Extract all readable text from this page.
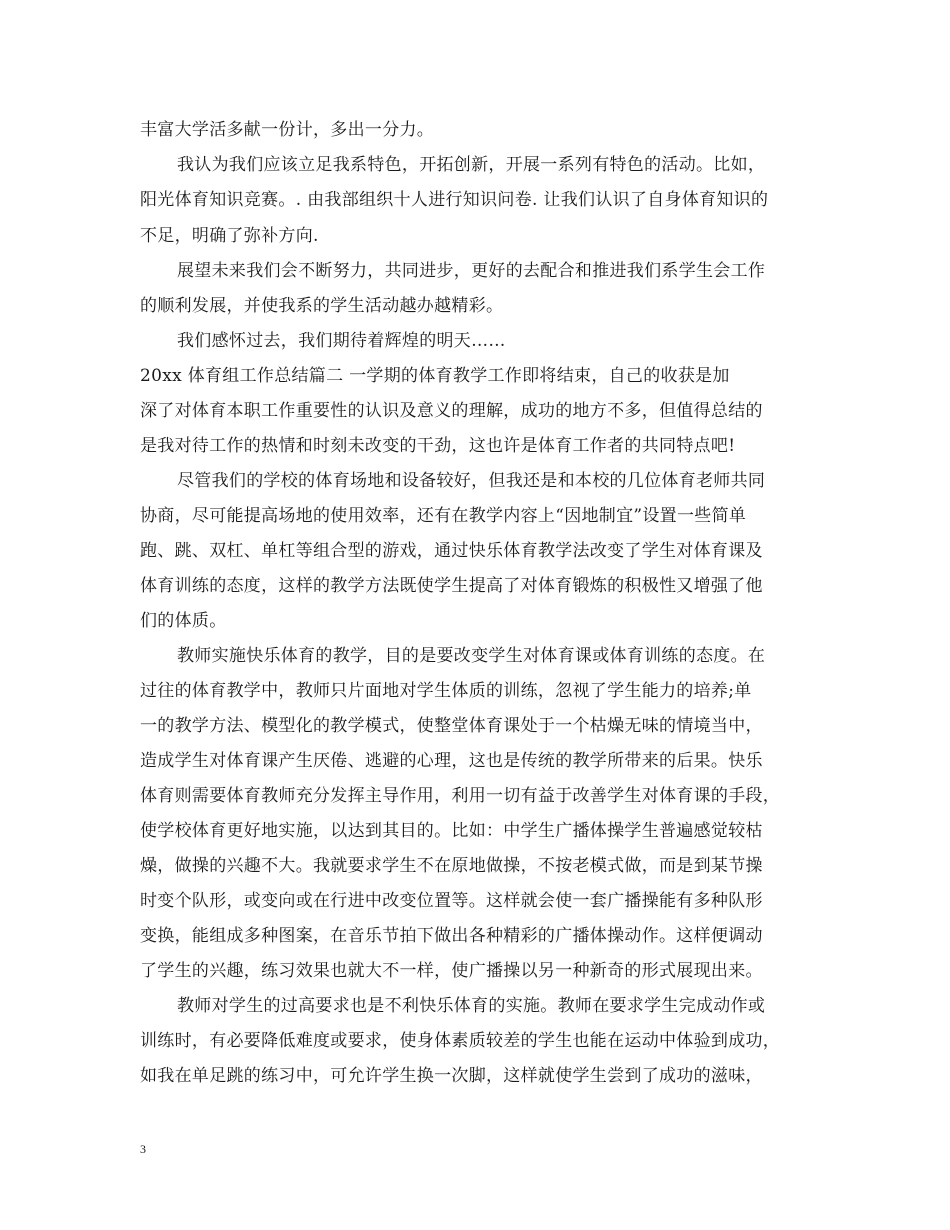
丰富大学活多献一份计，多出一分力。
我认为我们应该立足我系特色，开拓创新，开展一系列有特色的活动。比如，
阳光体育知识竞赛。. 由我部组织十人进行知识问卷. 让我们认识了自身体育知识的
不足，明确了弥补方向.
展望未来我们会不断努力，共同进步，更好的去配合和推进我们系学生会工作
的顺利发展，并使我系的学生活动越办越精彩。
我们感怀过去，我们期待着辉煌的明天……
20xx 体育组工作总结篇二 一学期的体育教学工作即将结束，自己的收获是加
深了对体育本职工作重要性的认识及意义的理解，成功的地方不多，但值得总结的
是我对待工作的热情和时刻未改变的干劲，这也许是体育工作者的共同特点吧!
尽管我们的学校的体育场地和设备较好，但我还是和本校的几位体育老师共同
协商，尽可能提高场地的使用效率，还有在教学内容上“因地制宜”设置一些简单
跑、跳、双杠、单杠等组合型的游戏，通过快乐体育教学法改变了学生对体育课及
体育训练的态度，这样的教学方法既使学生提高了对体育锻炼的积极性又增强了他
们的体质。
教师实施快乐体育的教学，目的是要改变学生对体育课或体育训练的态度。在
过往的体育教学中，教师只片面地对学生体质的训练，忽视了学生能力的培养;单
一的教学方法、模型化的教学模式，使整堂体育课处于一个枯燥无味的情境当中，
造成学生对体育课产生厌倦、逃避的心理，这也是传统的教学所带来的后果。快乐
体育则需要体育教师充分发挥主导作用，利用一切有益于改善学生对体育课的手段，
使学校体育更好地实施，以达到其目的。比如：中学生广播体操学生普遍感觉较枯
燥，做操的兴趣不大。我就要求学生不在原地做操，不按老模式做，而是到某节操
时变个队形，或变向或在行进中改变位置等。这样就会使一套广播操能有多种队形
变换，能组成多种图案，在音乐节拍下做出各种精彩的广播体操动作。这样便调动
了学生的兴趣，练习效果也就大不一样，使广播操以另一种新奇的形式展现出来。
教师对学生的过高要求也是不利快乐体育的实施。教师在要求学生完成动作或
训练时，有必要降低难度或要求，使身体素质较差的学生也能在运动中体验到成功，
如我在单足跳的练习中，可允许学生换一次脚，这样就使学生尝到了成功的滋味，
3
